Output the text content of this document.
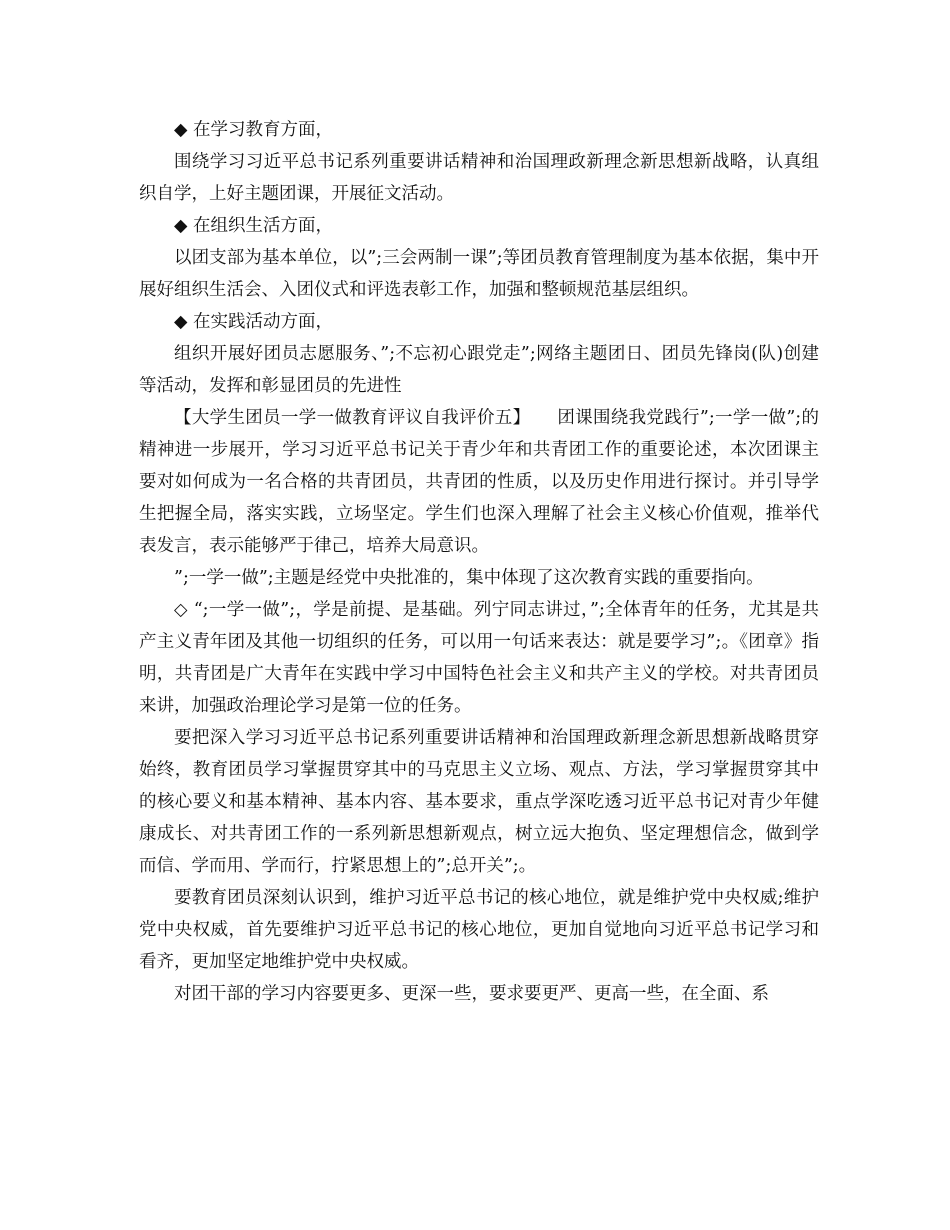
◆ 在学习教育方面，

围绕学习习近平总书记系列重要讲话精神和治国理政新理念新思想新战略，认真组织自学，上好主题团课，开展征文活动。

◆ 在组织生活方面，

以团支部为基本单位，以”;三会两制一课”;等团员教育管理制度为基本依据，集中开展好组织生活会、入团仪式和评选表彰工作，加强和整顿规范基层组织。

◆ 在实践活动方面，

组织开展好团员志愿服务、”;不忘初心跟党走”;网络主题团日、团员先锋岗(队)创建等活动，发挥和彰显团员的先进性

【大学生团员一学一做教育评议自我评价五】　　团课围绕我党践行”;一学一做”;的精神进一步展开，学习习近平总书记关于青少年和共青团工作的重要论述，本次团课主要对如何成为一名合格的共青团员，共青团的性质，以及历史作用进行探讨。并引导学生把握全局，落实实践，立场坚定。学生们也深入理解了社会主义核心价值观，推举代表发言，表示能够严于律己，培养大局意识。

”;一学一做”;主题是经党中央批准的，集中体现了这次教育实践的重要指向。

◇ “;一学一做”;，学是前提、是基础。列宁同志讲过，”;全体青年的任务，尤其是共产主义青年团及其他一切组织的任务，可以用一句话来表达：就是要学习”;。《团章》指明，共青团是广大青年在实践中学习中国特色社会主义和共产主义的学校。对共青团员来讲，加强政治理论学习是第一位的任务。

要把深入学习习近平总书记系列重要讲话精神和治国理政新理念新思想新战略贯穿始终，教育团员学习掌握贯穿其中的马克思主义立场、观点、方法，学习掌握贯穿其中的核心要义和基本精神、基本内容、基本要求，重点学深吃透习近平总书记对青少年健康成长、对共青团工作的一系列新思想新观点，树立远大抱负、坚定理想信念，做到学而信、学而用、学而行，拧紧思想上的”;总开关”;。

要教育团员深刻认识到，维护习近平总书记的核心地位，就是维护党中央权威;维护党中央权威，首先要维护习近平总书记的核心地位，更加自觉地向习近平总书记学习和看齐，更加坚定地维护党中央权威。

对团干部的学习内容要更多、更深一些，要求要更严、更高一些，在全面、系
